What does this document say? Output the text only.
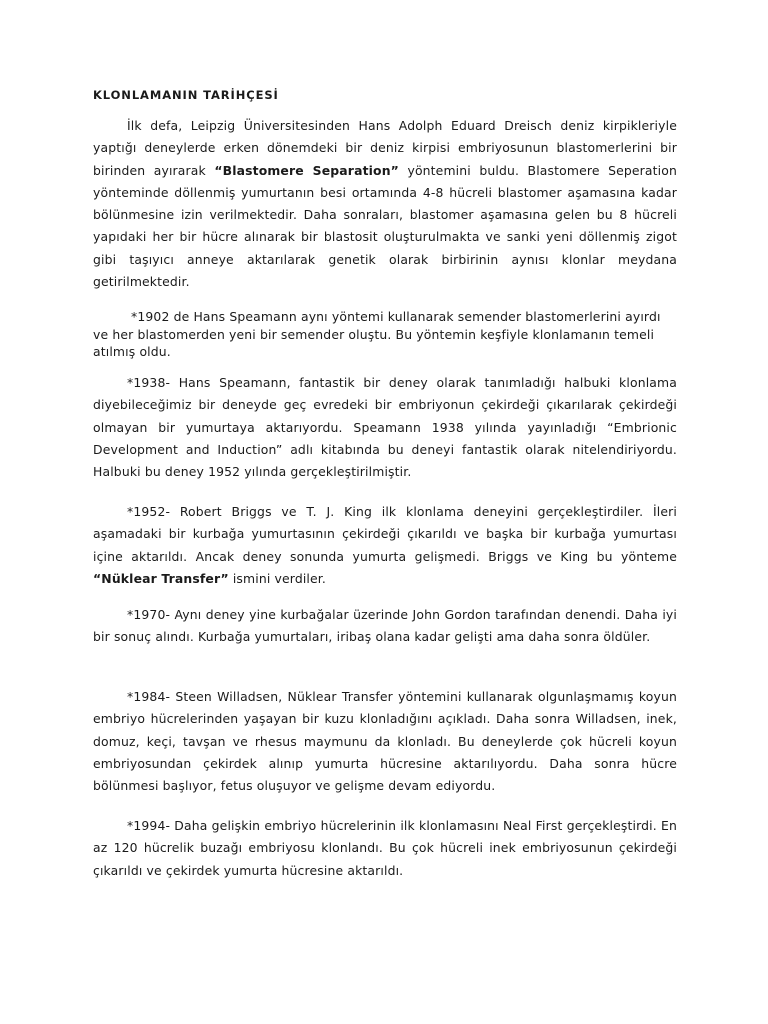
KLONLAMANIN TARİHÇESİ

İlk defa, Leipzig Üniversitesinden Hans Adolph Eduard Dreisch deniz kirpikleriyle yaptığı deneylerde erken dönemdeki bir deniz kirpisi embriyosunun blastomerlerini bir birinden ayırarak “Blastomere Separation” yöntemini buldu. Blastomere Seperation yönteminde döllenmiş yumurtanın besi ortamında 4-8 hücreli blastomer aşamasına kadar bölünmesine izin verilmektedir. Daha sonraları, blastomer aşamasına gelen bu 8 hücreli yapıdaki her bir hücre alınarak bir blastosit oluşturulmakta ve sanki yeni döllenmiş zigot gibi taşıyıcı anneye aktarılarak genetik olarak birbirinin aynısı klonlar meydana getirilmektedir.

*1902 de Hans Speamann aynı yöntemi kullanarak semender blastomerlerini ayırdı ve her blastomerden yeni bir semender oluştu. Bu yöntemin keşfiyle klonlamanın temeli atılmış oldu.

*1938- Hans Speamann, fantastik bir deney olarak tanımladığı halbuki klonlama diyebileceğimiz bir deneyde geç evredeki bir embriyonun çekirdeği çıkarılarak çekirdeği olmayan bir yumurtaya aktarıyordu. Speamann 1938 yılında yayınladığı “Embrionic Development and Induction” adlı kitabında bu deneyi fantastik olarak nitelendiriyordu. Halbuki bu deney 1952 yılında gerçekleştirilmiştir.

*1952- Robert Briggs ve T. J. King ilk klonlama deneyini gerçekleştirdiler. İleri aşamadaki bir kurbağa yumurtasının çekirdeği çıkarıldı ve başka bir kurbağa yumurtası içine aktarıldı. Ancak deney sonunda yumurta gelişmedi. Briggs ve King bu yönteme “Nüklear Transfer” ismini verdiler.

*1970- Aynı deney yine kurbağalar üzerinde John Gordon tarafından denendi. Daha iyi bir sonuç alındı. Kurbağa yumurtaları, iribaş olana kadar gelişti ama daha sonra öldüler.

*1984- Steen Willadsen, Nüklear Transfer yöntemini kullanarak olgunlaşmamış koyun embriyo hücrelerinden yaşayan bir kuzu klonladığını açıkladı. Daha sonra Willadsen, inek, domuz, keçi, tavşan ve rhesus maymunu da klonladı. Bu deneylerde çok hücreli koyun embriyosundan çekirdek alınıp yumurta hücresine aktarılıyordu. Daha sonra hücre bölünmesi başlıyor, fetus oluşuyor ve gelişme devam ediyordu.

*1994- Daha gelişkin embriyo hücrelerinin ilk klonlamasını Neal First gerçekleştirdi. En az 120 hücrelik buzağı embriyosu klonlandı. Bu çok hücreli inek embriyosunun çekirdeği çıkarıldı ve çekirdek yumurta hücresine aktarıldı.
